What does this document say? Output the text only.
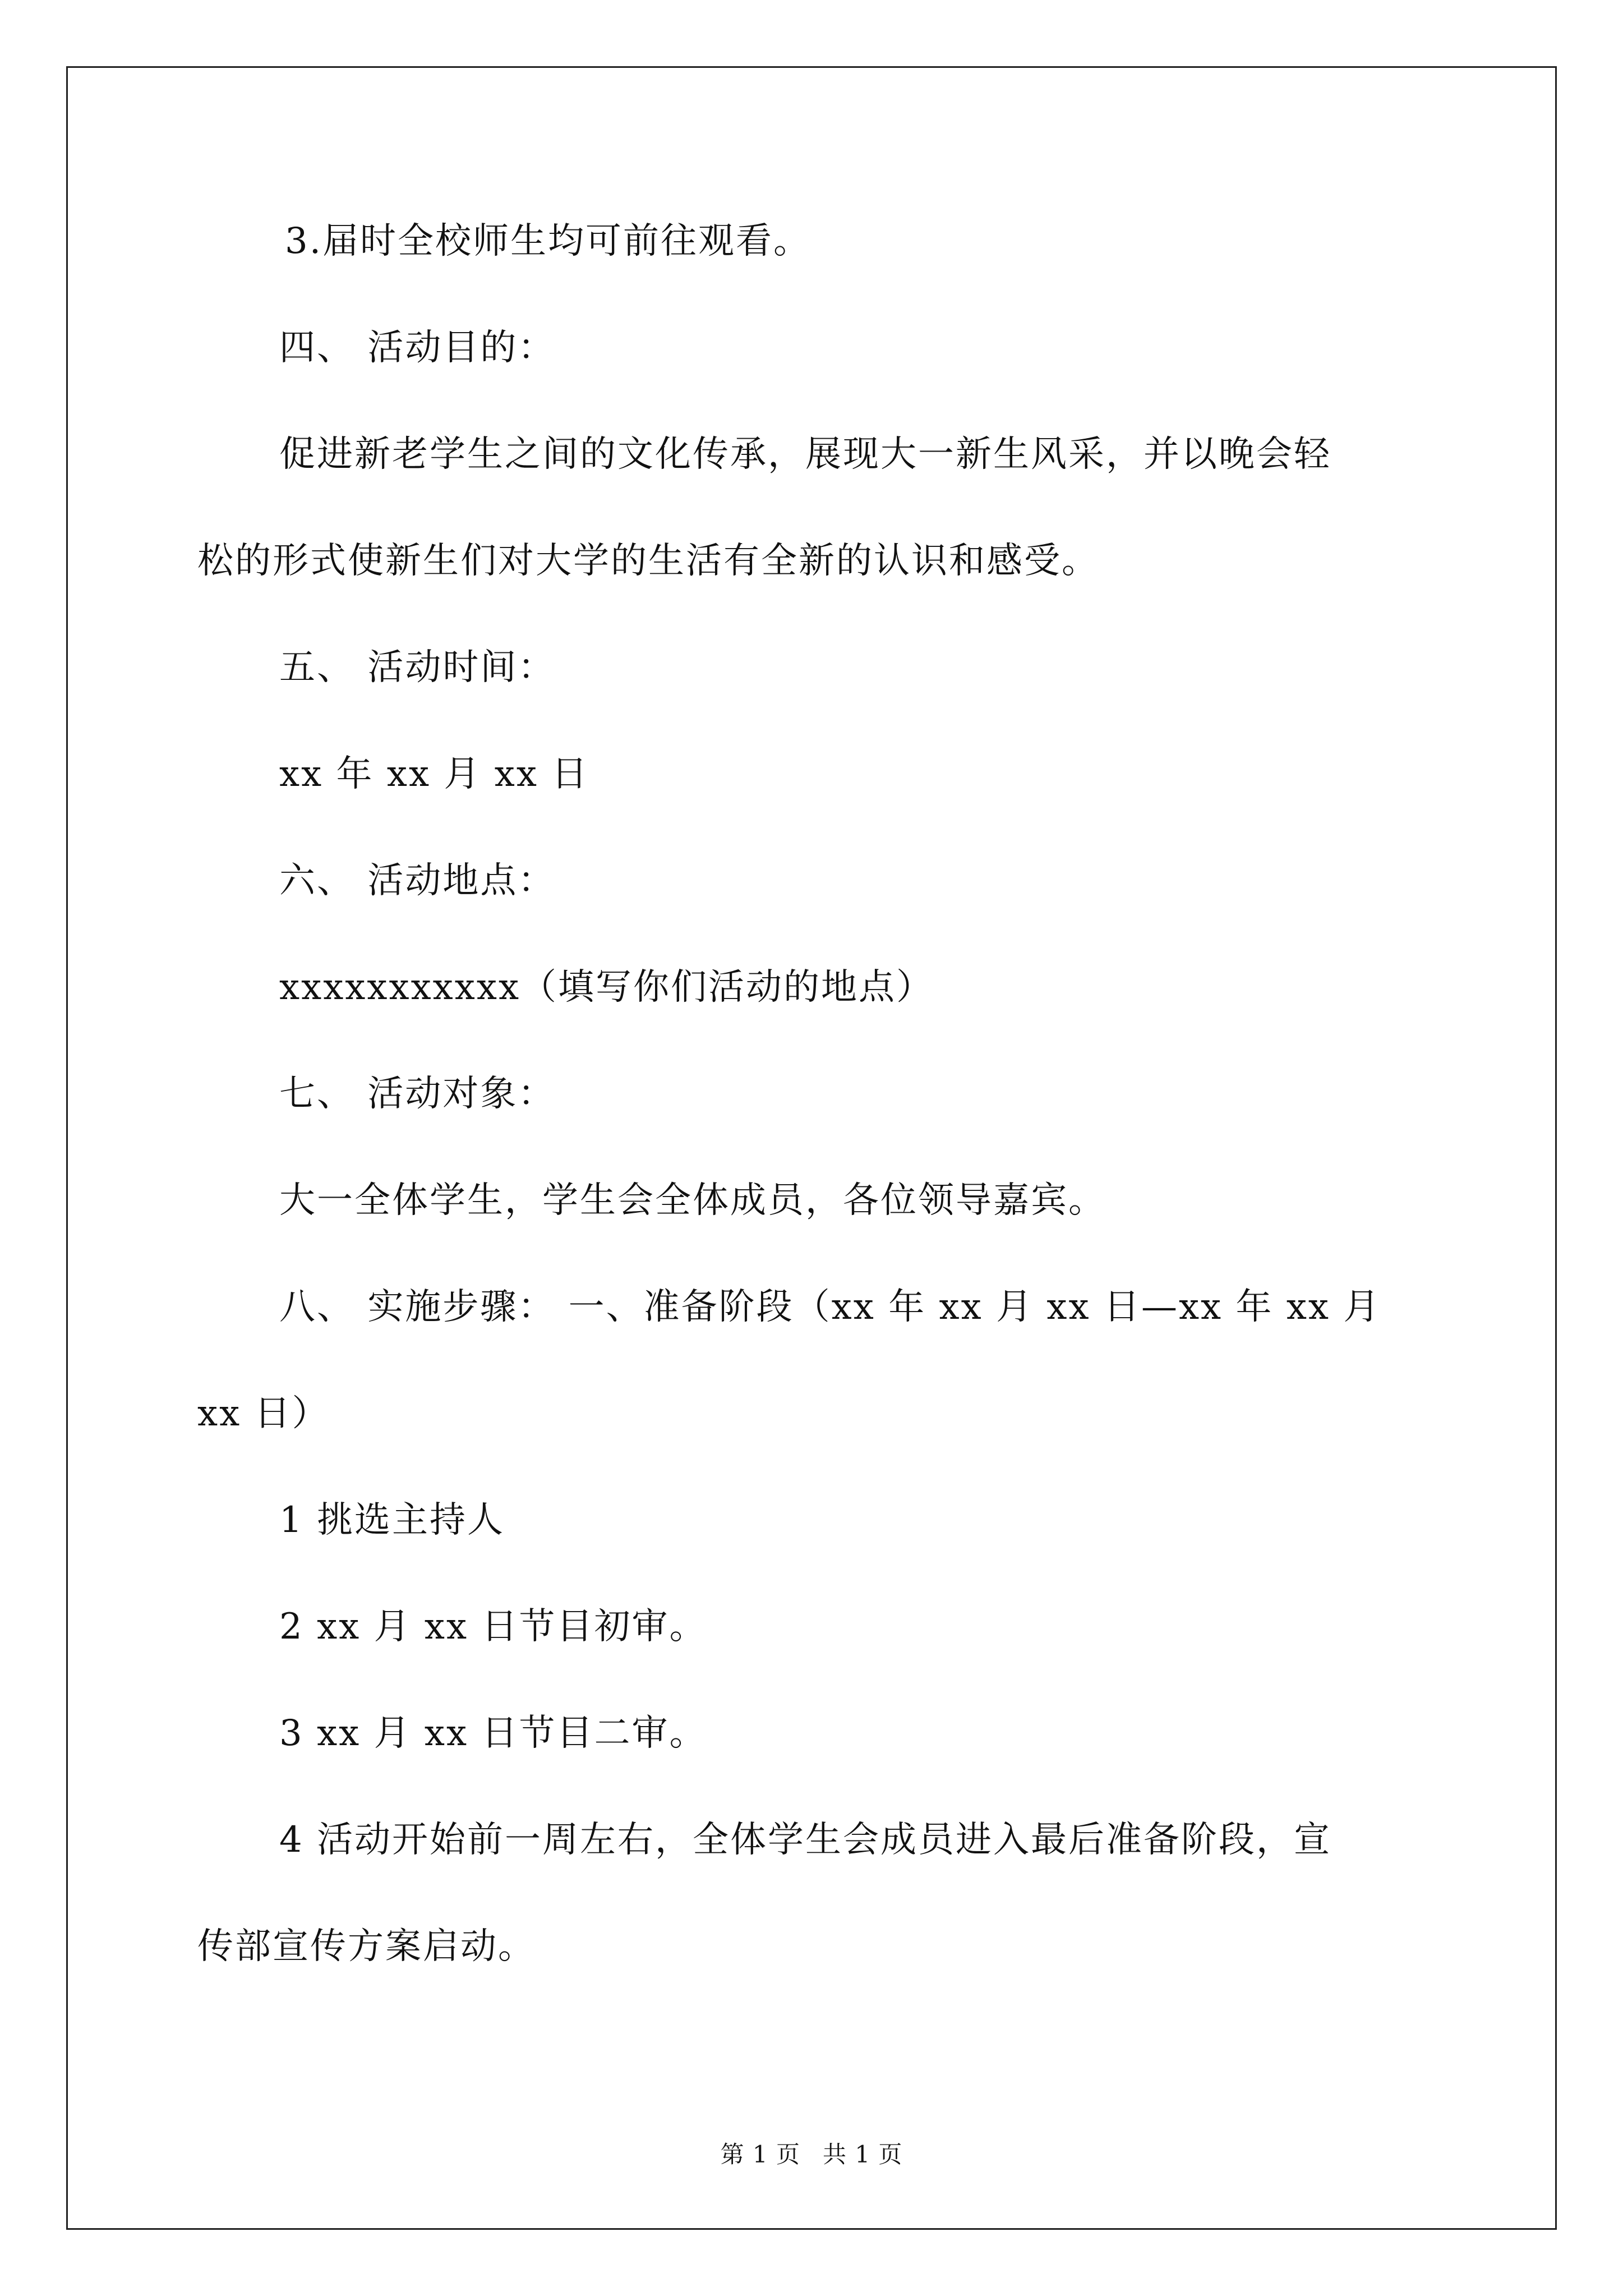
3.届时全校师生均可前往观看。
四、 活动目的：
促进新老学生之间的文化传承，展现大一新生风采，并以晚会轻
松的形式使新生们对大学的生活有全新的认识和感受。
五、 活动时间：
xx 年 xx 月 xx 日
六、 活动地点：
xxxxxxxxxxx（填写你们活动的地点）
七、 活动对象：
大一全体学生，学生会全体成员，各位领导嘉宾。
八、 实施步骤： 一、准备阶段（xx 年 xx 月 xx 日—xx 年 xx 月
xx 日）
1 挑选主持人
2 xx 月 xx 日节目初审。
3 xx 月 xx 日节目二审。
4 活动开始前一周左右，全体学生会成员进入最后准备阶段，宣
传部宣传方案启动。
第 1 页 共 1 页
